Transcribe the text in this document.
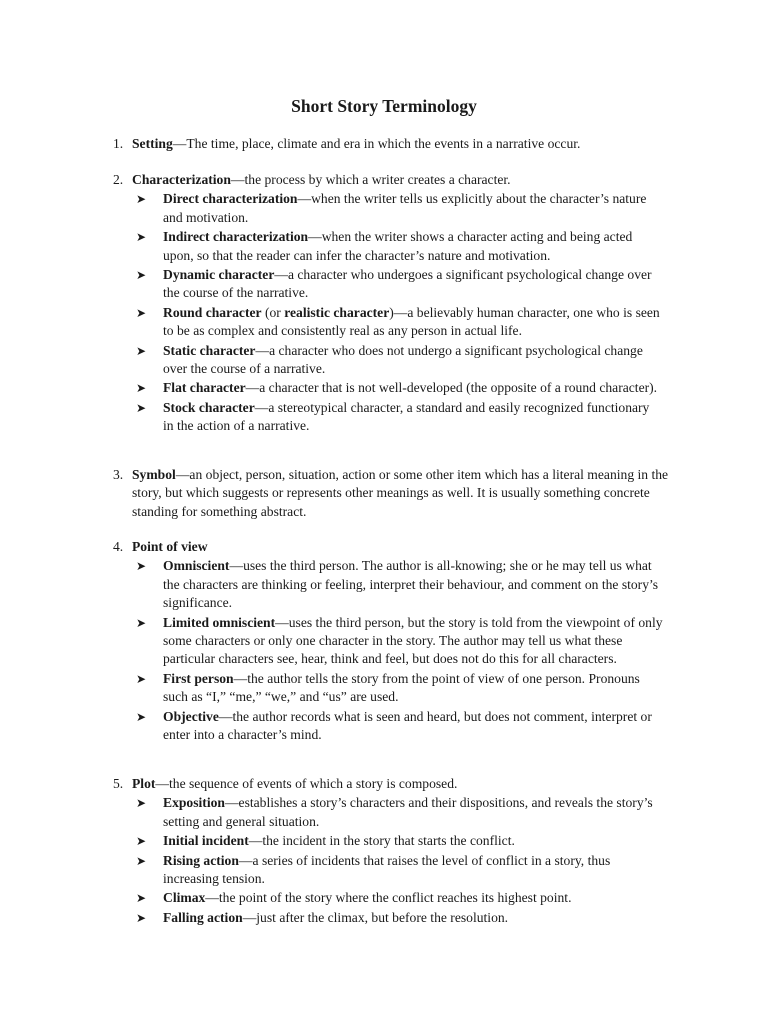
Short Story Terminology
1. Setting—The time, place, climate and era in which the events in a narrative occur.
2. Characterization—the process by which a writer creates a character.
➤	Direct characterization—when the writer tells us explicitly about the character’s nature and motivation.
➤	Indirect characterization—when the writer shows a character acting and being acted upon, so that the reader can infer the character’s nature and motivation.
➤	Dynamic character—a character who undergoes a significant psychological change over the course of the narrative.
➤	Round character (or realistic character)—a believably human character, one who is seen to be as complex and consistently real as any person in actual life.
➤	Static character—a character who does not undergo a significant psychological change over the course of a narrative.
➤	Flat character—a character that is not well-developed (the opposite of a round character).
➤	Stock character—a stereotypical character, a standard and easily recognized functionary in the action of a narrative.
3. Symbol—an object, person, situation, action or some other item which has a literal meaning in the story, but which suggests or represents other meanings as well. It is usually something concrete standing for something abstract.
4. Point of view
➤	Omniscient—uses the third person. The author is all-knowing; she or he may tell us what the characters are thinking or feeling, interpret their behaviour, and comment on the story’s significance.
➤	Limited omniscient—uses the third person, but the story is told from the viewpoint of only some characters or only one character in the story. The author may tell us what these particular characters see, hear, think and feel, but does not do this for all characters.
➤	First person—the author tells the story from the point of view of one person. Pronouns such as “I,” “me,” “we,” and “us” are used.
➤	Objective—the author records what is seen and heard, but does not comment, interpret or enter into a character’s mind.
5. Plot—the sequence of events of which a story is composed.
➤	Exposition—establishes a story’s characters and their dispositions, and reveals the story’s setting and general situation.
➤	Initial incident—the incident in the story that starts the conflict.
➤	Rising action—a series of incidents that raises the level of conflict in a story, thus increasing tension.
➤	Climax—the point of the story where the conflict reaches its highest point.
➤	Falling action—just after the climax, but before the resolution.
